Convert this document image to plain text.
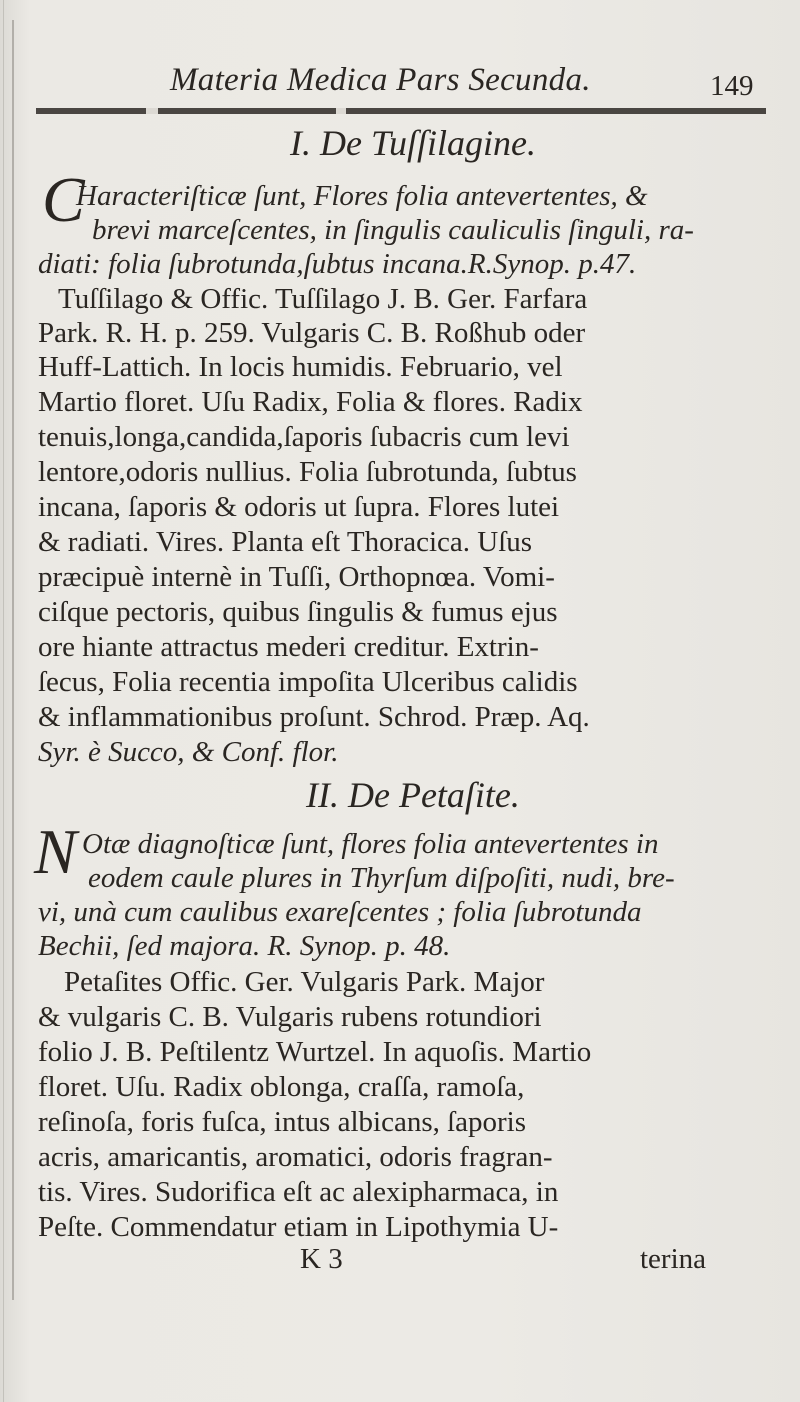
Materia Medica Pars Secunda.	149
I. De Tuſſilagine.
C
Haracteriſticæ ſunt, Flores folia antevertentes, &
brevi marceſcentes, in ſingulis cauliculis ſinguli, ra-
diati: folia ſubrotunda,ſubtus incana.R.Synop. p.47.
Tuſſilago & Offic. Tuſſilago J. B. Ger. Farfara
Park. R. H. p. 259. Vulgaris C. B. Roßhub oder
Huff-Lattich. In locis humidis. Februario, vel
Martio floret. Uſu Radix, Folia & flores. Radix
tenuis,longa,candida,ſaporis ſubacris cum levi
lentore,odoris nullius. Folia ſubrotunda, ſubtus
incana, ſaporis & odoris ut ſupra. Flores lutei
& radiati. Vires. Planta eſt Thoracica. Uſus
præcipuè internè in Tuſſi, Orthopnœa. Vomi-
ciſque pectoris, quibus ſingulis & fumus ejus
ore hiante attractus mederi creditur. Extrin-
ſecus, Folia recentia impoſita Ulceribus calidis
& inflammationibus proſunt. Schrod. Præp. Aq.
Syr. è Succo, & Conf. flor.
II. De Petaſite.
N Otæ diagnoſticæ ſunt, flores folia antevertentes in
eodem caule plures in Thyrſum diſpoſiti, nudi, bre-
vi, unà cum caulibus exareſcentes ; folia ſubrotunda
Bechii, ſed majora. R. Synop. p. 48.
Petaſites Offic. Ger. Vulgaris Park. Major
& vulgaris C. B. Vulgaris rubens rotundiori
folio J. B. Peſtilentz Wurtzel. In aquoſis. Martio
floret. Uſu. Radix oblonga, craſſa, ramoſa,
reſinoſa, foris fuſca, intus albicans, ſaporis
acris, amaricantis, aromatici, odoris fragran-
tis. Vires. Sudorifica eſt ac alexipharmaca, in
Peſte. Commendatur etiam in Lipothymia U-
K 3	terina
